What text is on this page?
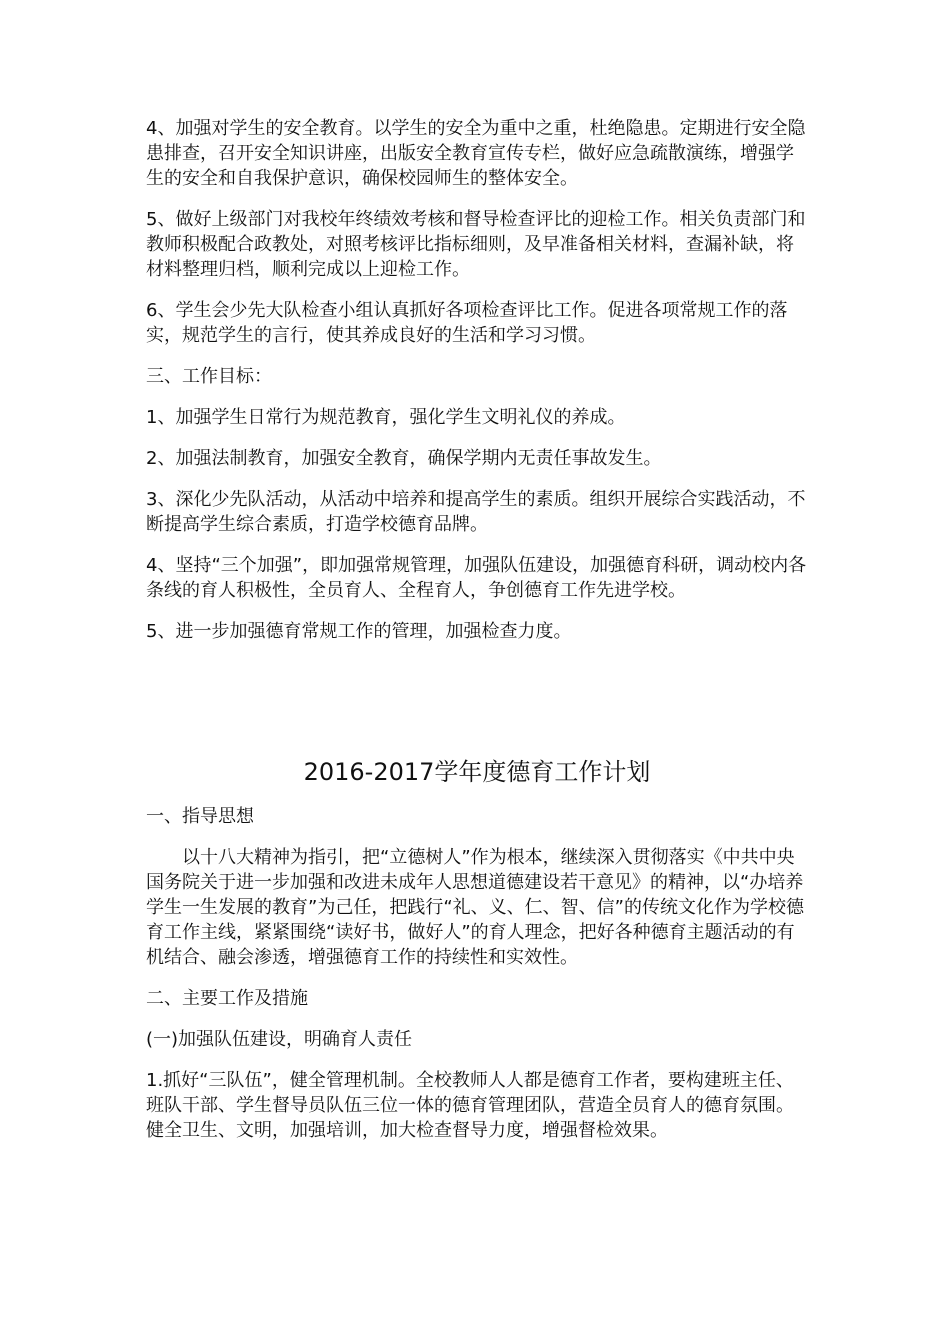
4、加强对学生的安全教育。以学生的安全为重中之重，杜绝隐患。定期进行安全隐患排查，召开安全知识讲座，出版安全教育宣传专栏，做好应急疏散演练，增强学生的安全和自我保护意识，确保校园师生的整体安全。

5、做好上级部门对我校年终绩效考核和督导检查评比的迎检工作。相关负责部门和教师积极配合政教处，对照考核评比指标细则，及早准备相关材料，查漏补缺，将材料整理归档，顺利完成以上迎检工作。

6、学生会少先大队检查小组认真抓好各项检查评比工作。促进各项常规工作的落实，规范学生的言行，使其养成良好的生活和学习习惯。

三、工作目标：

1、加强学生日常行为规范教育，强化学生文明礼仪的养成。

2、加强法制教育，加强安全教育，确保学期内无责任事故发生。

3、深化少先队活动，从活动中培养和提高学生的素质。组织开展综合实践活动，不断提高学生综合素质，打造学校德育品牌。

4、坚持“三个加强”，即加强常规管理，加强队伍建设，加强德育科研，调动校内各条线的育人积极性，全员育人、全程育人，争创德育工作先进学校。

5、进一步加强德育常规工作的管理，加强检查力度。

2016-2017学年度德育工作计划

一、指导思想

以十八大精神为指引，把“立德树人”作为根本，继续深入贯彻落实《中共中央国务院关于进一步加强和改进未成年人思想道德建设若干意见》的精神，以“办培养学生一生发展的教育”为己任，把践行“礼、义、仁、智、信”的传统文化作为学校德育工作主线，紧紧围绕“读好书，做好人”的育人理念，把好各种德育主题活动的有机结合、融会渗透，增强德育工作的持续性和实效性。

二、主要工作及措施

(一)加强队伍建设，明确育人责任

1.抓好“三队伍”，健全管理机制。全校教师人人都是德育工作者，要构建班主任、班队干部、学生督导员队伍三位一体的德育管理团队，营造全员育人的德育氛围。健全卫生、文明，加强培训，加大检查督导力度，增强督检效果。
